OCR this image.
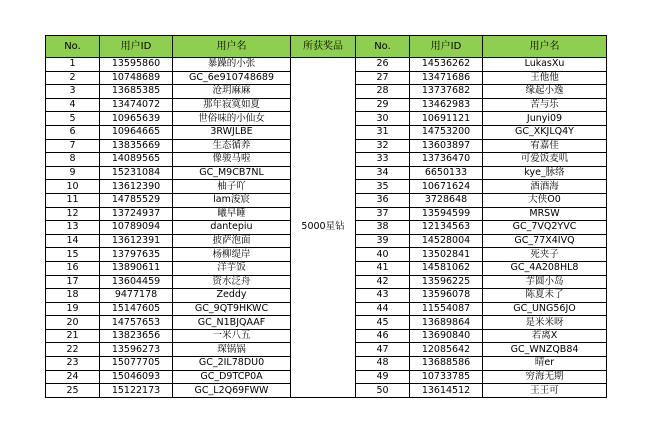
No.	用户ID	用户名	所获奖品	No.	用户ID	用户名
1	13595860	暴躁的小张	5000星钻	26	14536262	LukasXu
2	10748689	GC_6e910748689		27	13471686	王他他
3	13685385	沧玥麻麻		28	13737682	缘起小逸
4	13474072	那年寂寞如夏		29	13462983	苦与乐
5	10965639	世俗味的小仙女		30	10691121	Junyi09
6	10964665	3RWJLBE		31	14753200	GC_XKJLQ4Y
7	13835669	生态循养		32	13603897	宥嘉佳
8	14089565	像骏马啦		33	13736470	可爱饭麦叽
9	15231084	GC_M9CB7NL		34	6650133	kye_脉络
10	13612390	柚子吖		35	10671624	酒酒海
11	14785529	lam浚宸		36	3728648	大侠O0
12	13724937	曦早睡		37	13594599	MRSW
13	10789094	dantepiu		38	12134563	GC_7VQ2YVC
14	13612391	披萨泡面		39	14528004	GC_77X4IVQ
15	13797635	杨柳缇岸		40	13502841	死夹子
16	13890611	洋芋饭		41	14581062	GC_4A208HL8
17	13604459	资水泛舟		42	13596225	芋圆小岛
18	9477178	Zeddy		43	13596078	陈夏未了
19	15147605	GC_9QT9HKWC		44	11554087	GC_UNG56JO
20	14757653	GC_N1BJQAAF		45	13689864	是米米呀
21	13823656	一米八五		46	13690840	若离X
22	13596273	琛锅锅		47	12085642	GC_WNZQB84
23	15077705	GC_2IL78DU0		48	13688586	晴er
24	15046093	GC_D9TCP0A		49	10733785	穷海无期
25	15122173	GC_L2Q69FWW		50	13614512	王王可
